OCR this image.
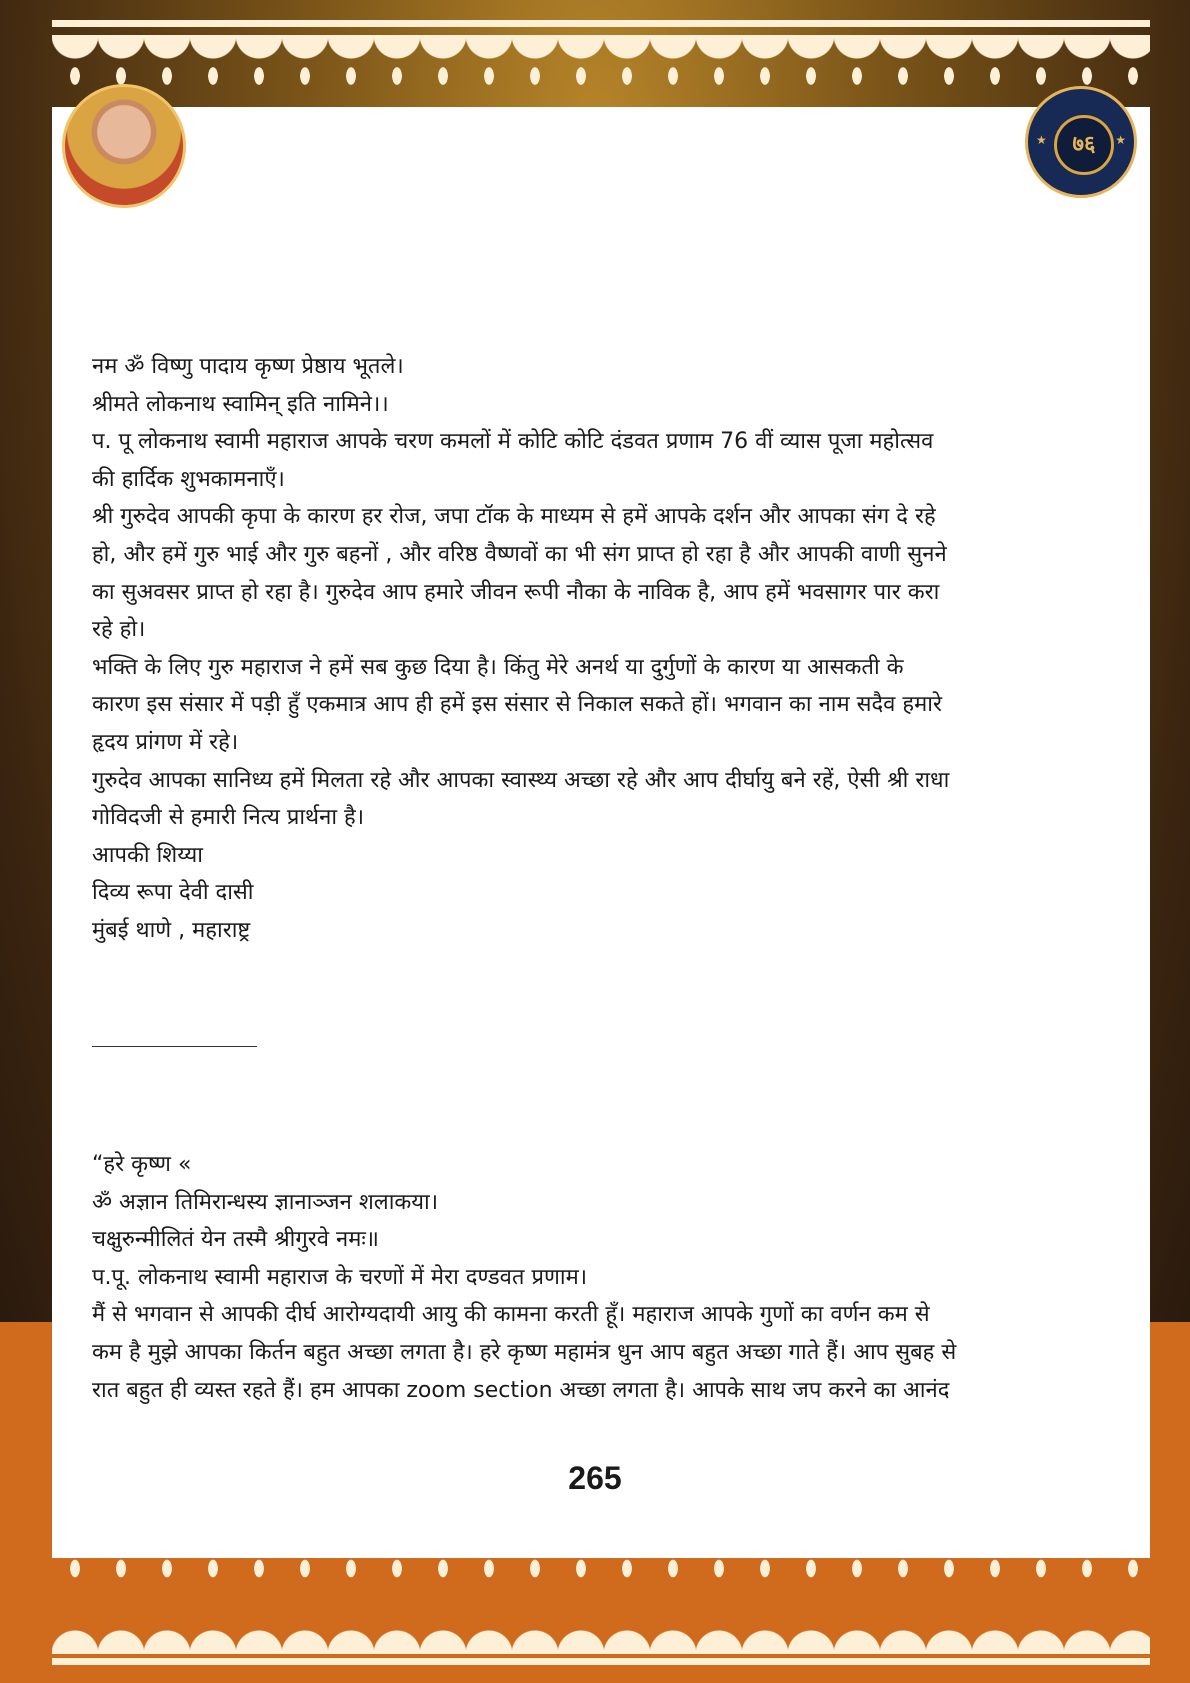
★	★
७६
नम ॐ विष्णु पादाय कृष्ण प्रेष्ठाय भूतले।
श्रीमते लोकनाथ स्वामिन् इति नामिने।।
प. पू लोकनाथ स्वामी महाराज आपके चरण कमलों में कोटि कोटि दंडवत प्रणाम 76 वीं व्यास पूजा महोत्सव
की हार्दिक शुभकामनाएँ।
श्री गुरुदेव आपकी कृपा के कारण हर रोज, जपा टॉक के माध्यम से हमें आपके दर्शन और आपका संग दे रहे
हो, और हमें गुरु भाई और गुरु बहनों , और वरिष्ठ वैष्णवों का भी संग प्राप्त हो रहा है और आपकी वाणी सुनने
का सुअवसर प्राप्त हो रहा है। गुरुदेव आप हमारे जीवन रूपी नौका के नाविक है, आप हमें भवसागर पार करा
रहे हो।
भक्ति के लिए गुरु महाराज ने हमें सब कुछ दिया है। किंतु मेरे अनर्थ या दुर्गुणों के कारण या आसकती के
कारण इस संसार में पड़ी हुँ एकमात्र आप ही हमें इस संसार से निकाल सकते हों। भगवान का नाम सदैव हमारे
हृदय प्रांगण में रहे।
गुरुदेव आपका सानिध्य हमें मिलता रहे और आपका स्वास्थ्य अच्छा रहे और आप दीर्घायु बने रहें, ऐसी श्री राधा
गोविदजी से हमारी नित्य प्रार्थना है।
आपकी शिय्या
दिव्य रूपा देवी दासी
मुंबई थाणे , महाराष्ट्र
“हरे कृष्ण «
ॐ अज्ञान तिमिरान्धस्य ज्ञानाञ्जन शलाकया।
चक्षुरुन्मीलितं येन तस्मै श्रीगुरवे नमः॥
प.पू. लोकनाथ स्वामी महाराज के चरणों में मेरा दण्डवत प्रणाम।
मैं से भगवान से आपकी दीर्घ आरोग्यदायी आयु की कामना करती हूँ। महाराज आपके गुणों का वर्णन कम से
कम है मुझे आपका किर्तन बहुत अच्छा लगता है। हरे कृष्ण महामंत्र धुन आप बहुत अच्छा गाते हैं। आप सुबह से
रात बहुत ही व्यस्त रहते हैं। हम आपका zoom section अच्छा लगता है। आपके साथ जप करने का आनंद
265
